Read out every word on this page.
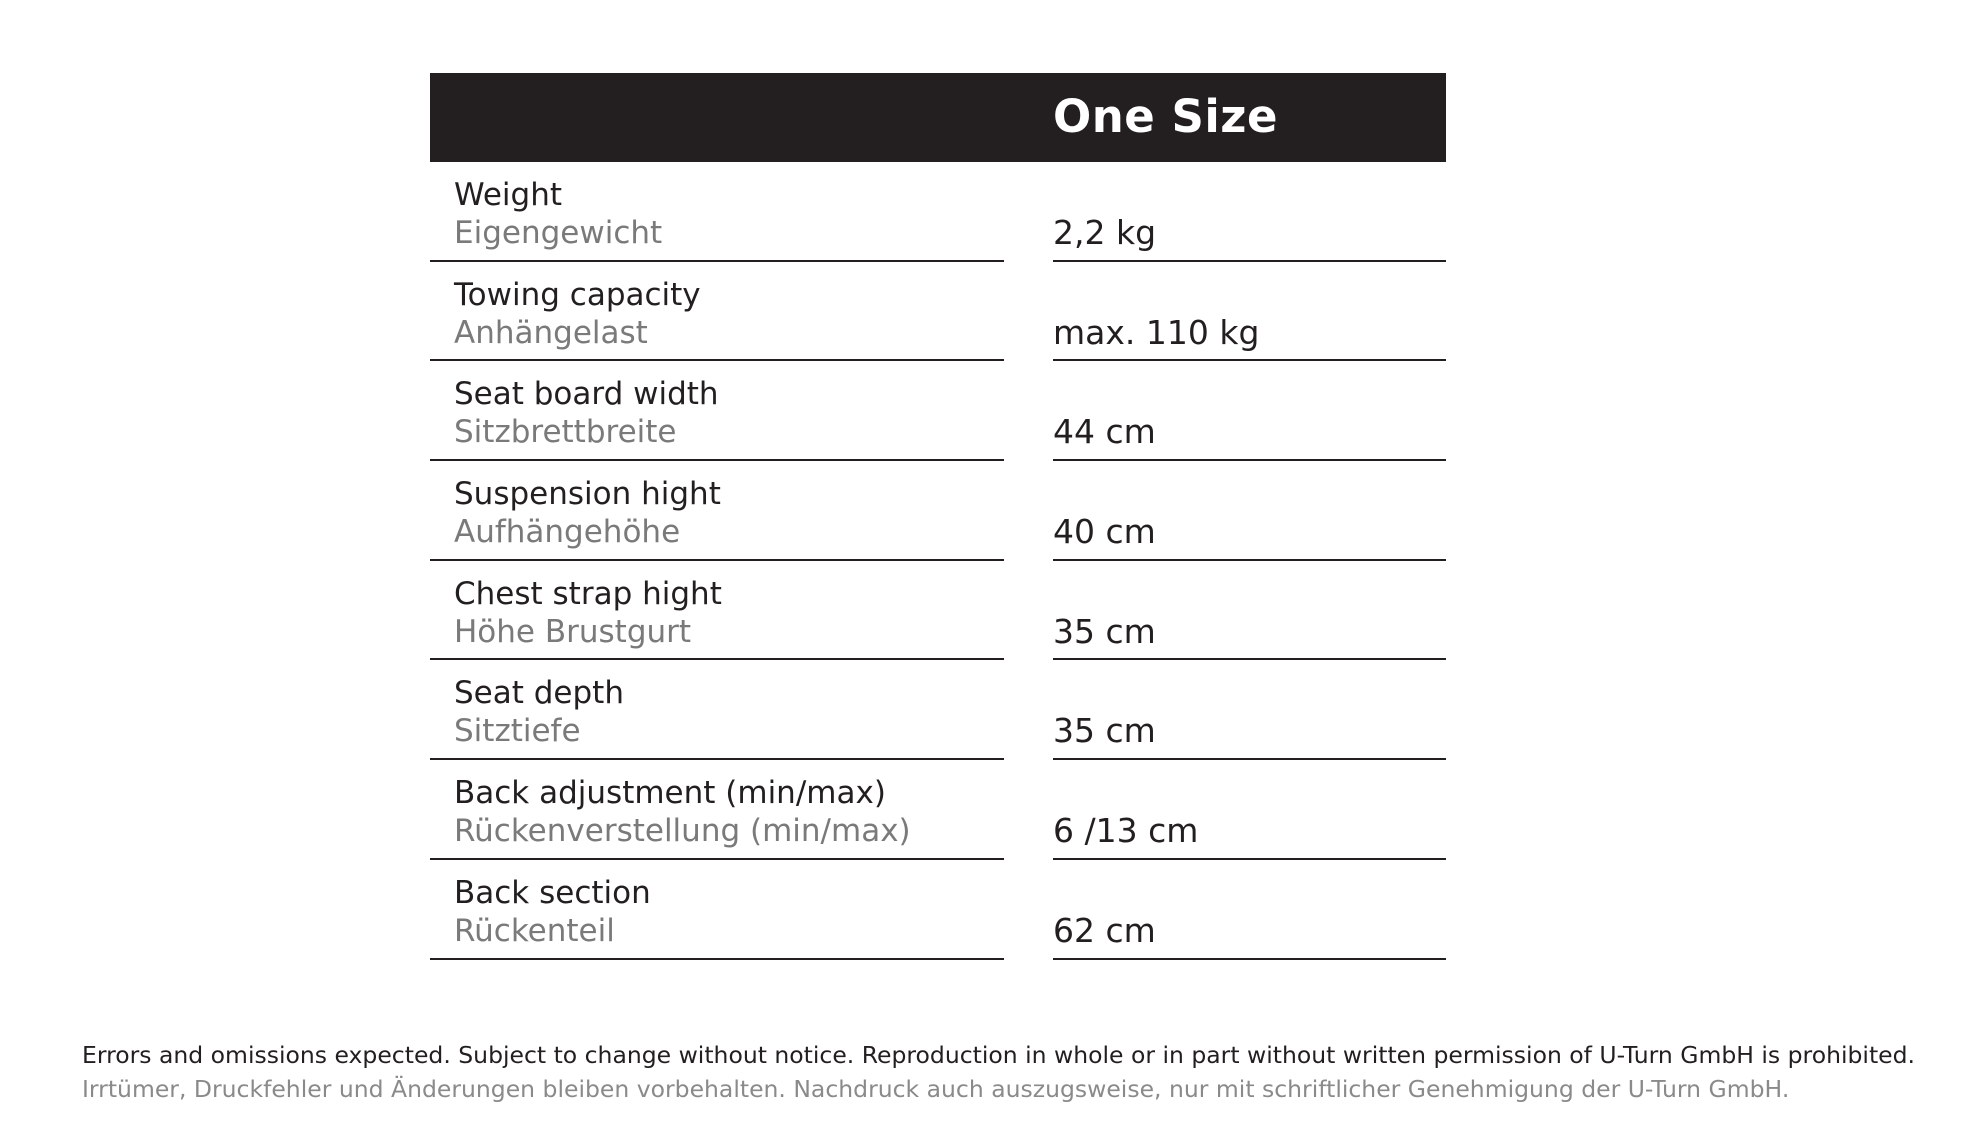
One Size
Weight
Eigengewicht	2,2 kg
Towing capacity
Anhängelast	max. 110 kg
Seat board width
Sitzbrettbreite	44 cm
Suspension hight
Aufhängehöhe	40 cm
Chest strap hight
Höhe Brustgurt	35 cm
Seat depth
Sitztiefe	35 cm
Back adjustment (min/max)
Rückenverstellung (min/max)	6 /13 cm
Back section
Rückenteil	62 cm
Errors and omissions expected. Subject to change without notice. Reproduction in whole or in part without written permission of U-Turn GmbH is prohibited.
Irrtümer, Druckfehler und Änderungen bleiben vorbehalten. Nachdruck auch auszugsweise, nur mit schriftlicher Genehmigung der U-Turn GmbH.
